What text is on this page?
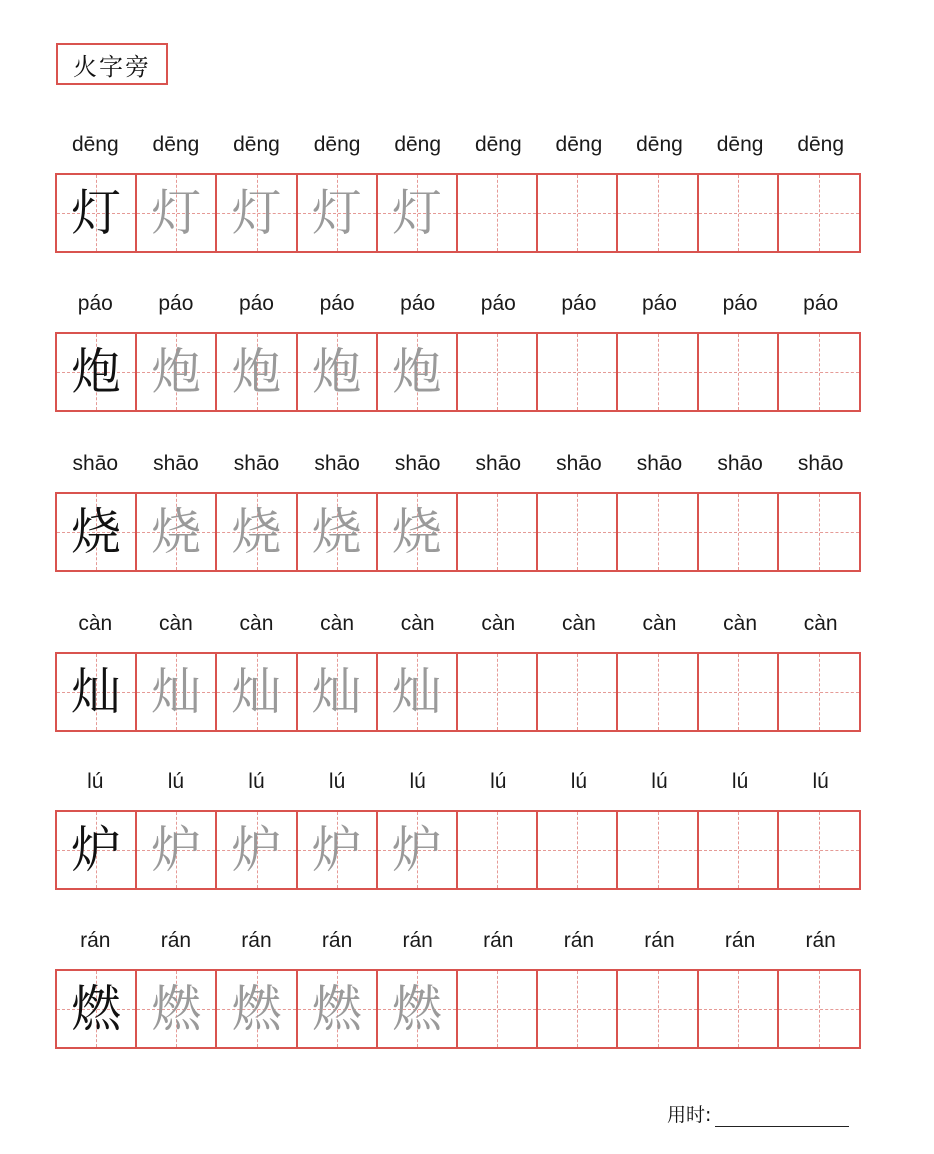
火字旁
dēng	dēng	dēng	dēng	dēng	dēng	dēng	dēng	dēng	dēng
灯 灯 灯 灯 灯
páo	páo	páo	páo	páo	páo	páo	páo	páo	páo
炮 炮 炮 炮 炮
shāo	shāo	shāo	shāo	shāo	shāo	shāo	shāo	shāo	shāo
烧 烧 烧 烧 烧
càn	càn	càn	càn	càn	càn	càn	càn	càn	càn
灿 灿 灿 灿 灿
lú	lú	lú	lú	lú	lú	lú	lú	lú	lú
炉 炉 炉 炉 炉
rán	rán	rán	rán	rán	rán	rán	rán	rán	rán
燃 燃 燃 燃 燃
用时:
